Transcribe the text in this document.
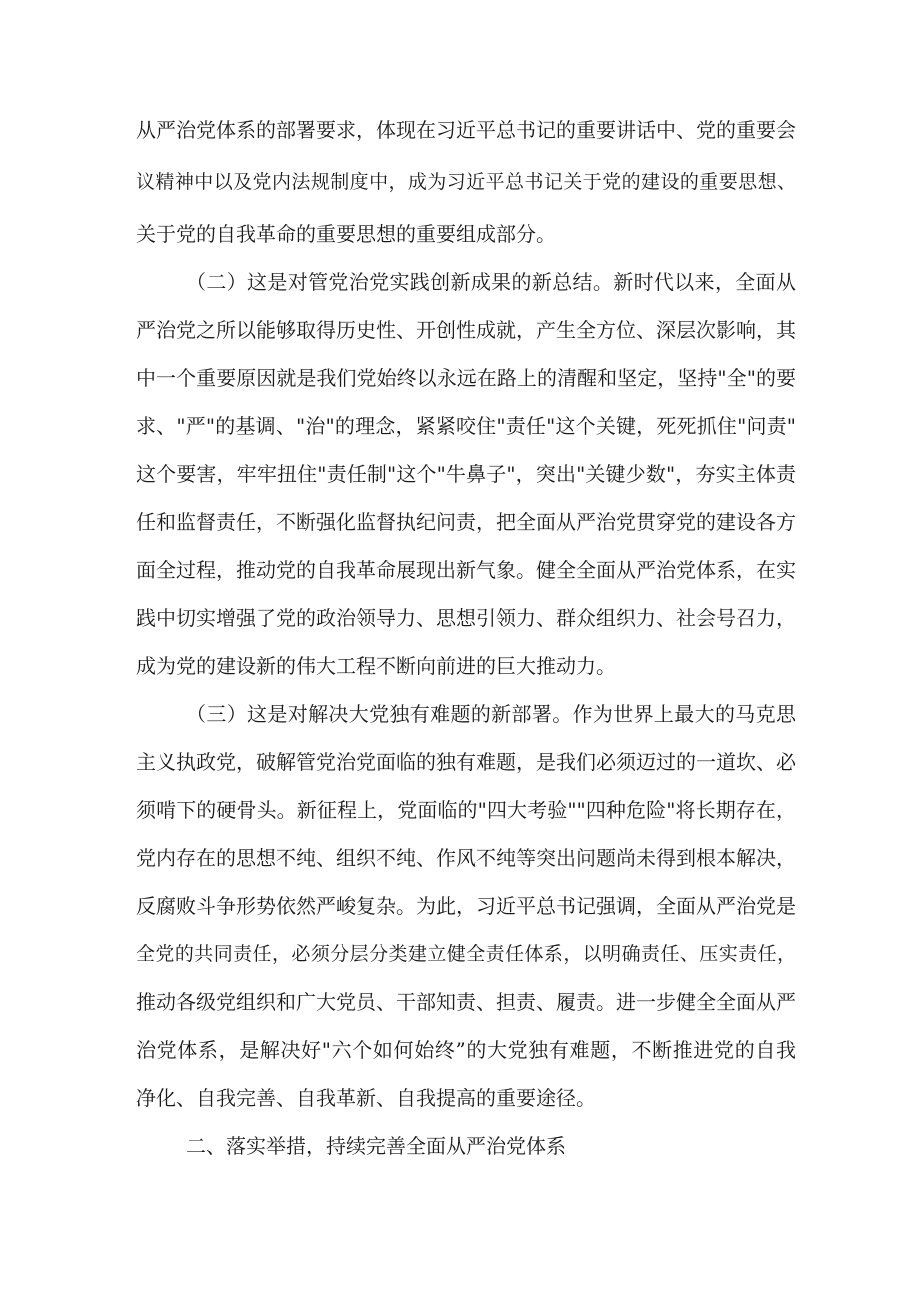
从严治党体系的部署要求，体现在习近平总书记的重要讲话中、党的重要会
议精神中以及党内法规制度中，成为习近平总书记关于党的建设的重要思想、
关于党的自我革命的重要思想的重要组成部分。
（二）这是对管党治党实践创新成果的新总结。新时代以来，全面从
严治党之所以能够取得历史性、开创性成就，产生全方位、深层次影响，其
中一个重要原因就是我们党始终以永远在路上的清醒和坚定，坚持"全"的要
求、"严"的基调、"治"的理念，紧紧咬住"责任"这个关键，死死抓住"问责"
这个要害，牢牢扭住"责任制"这个"牛鼻子"，突出"关键少数"，夯实主体责
任和监督责任，不断强化监督执纪问责，把全面从严治党贯穿党的建设各方
面全过程，推动党的自我革命展现出新气象。健全全面从严治党体系，在实
践中切实增强了党的政治领导力、思想引领力、群众组织力、社会号召力，
成为党的建设新的伟大工程不断向前进的巨大推动力。
（三）这是对解决大党独有难题的新部署。作为世界上最大的马克思
主义执政党，破解管党治党面临的独有难题，是我们必须迈过的一道坎、必
须啃下的硬骨头。新征程上，党面临的"四大考验""四种危险"将长期存在，
党内存在的思想不纯、组织不纯、作风不纯等突出问题尚未得到根本解决，
反腐败斗争形势依然严峻复杂。为此，习近平总书记强调，全面从严治党是
全党的共同责任，必须分层分类建立健全责任体系，以明确责任、压实责任，
推动各级党组织和广大党员、干部知责、担责、履责。进一步健全全面从严
治党体系，是解决好"六个如何始终”的大党独有难题，不断推进党的自我
净化、自我完善、自我革新、自我提高的重要途径。
二、落实举措，持续完善全面从严治党体系
